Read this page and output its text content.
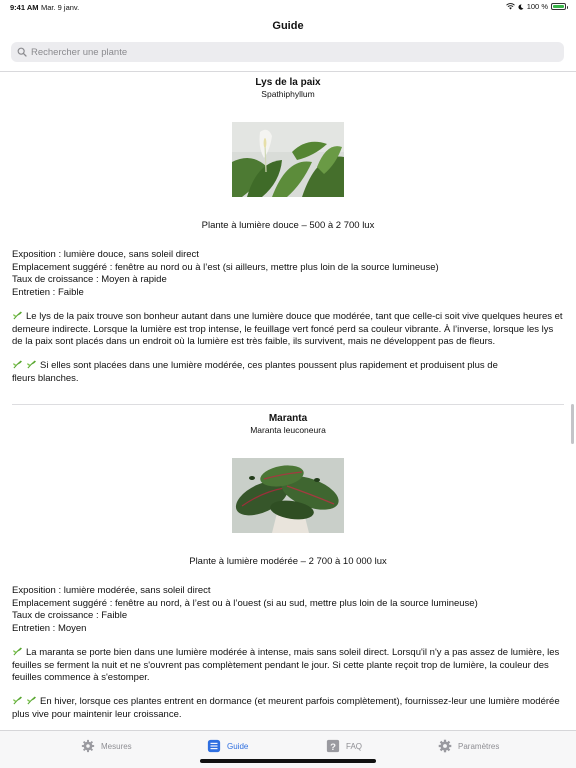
9:41 AM Mar. 9 janv.	100 %
Guide
Rechercher une plante
Lys de la paix
Spathiphyllum
Plante à lumière douce – 500 à 2 700 lux
Exposition : lumière douce, sans soleil direct
Emplacement suggéré : fenêtre au nord ou à l’est (si ailleurs, mettre plus loin de la source lumineuse)
Taux de croissance : Moyen à rapide
Entretien : Faible
Le lys de la paix trouve son bonheur autant dans une lumière douce que modérée, tant que celle-ci soit vive quelques heures et demeure indirecte. Lorsque la lumière est trop intense, le feuillage vert foncé perd sa couleur vibrante. À l’inverse, lorsque les lys de la paix sont placés dans un endroit où la lumière est très faible, ils survivent, mais ne développent pas de fleurs.
Si elles sont placées dans une lumière modérée, ces plantes poussent plus rapidement et produisent plus de
fleurs blanches.
Maranta
Maranta leuconeura
Plante à lumière modérée – 2 700 à 10 000 lux
Exposition : lumière modérée, sans soleil direct
Emplacement suggéré : fenêtre au nord, à l’est ou à l’ouest (si au sud, mettre plus loin de la source lumineuse)
Taux de croissance : Faible
Entretien : Moyen
La maranta se porte bien dans une lumière modérée à intense, mais sans soleil direct. Lorsqu'il n'y a pas assez de lumière, les feuilles se ferment la nuit et ne s'ouvrent pas complètement pendant le jour. Si cette plante reçoit trop de lumière, la couleur des feuilles commence à s'estomper.
En hiver, lorsque ces plantes entrent en dormance (et meurent parfois complètement), fournissez-leur une lumière modérée plus vive pour maintenir leur croissance.
Mesures	Guide	? FAQ	Paramètres
